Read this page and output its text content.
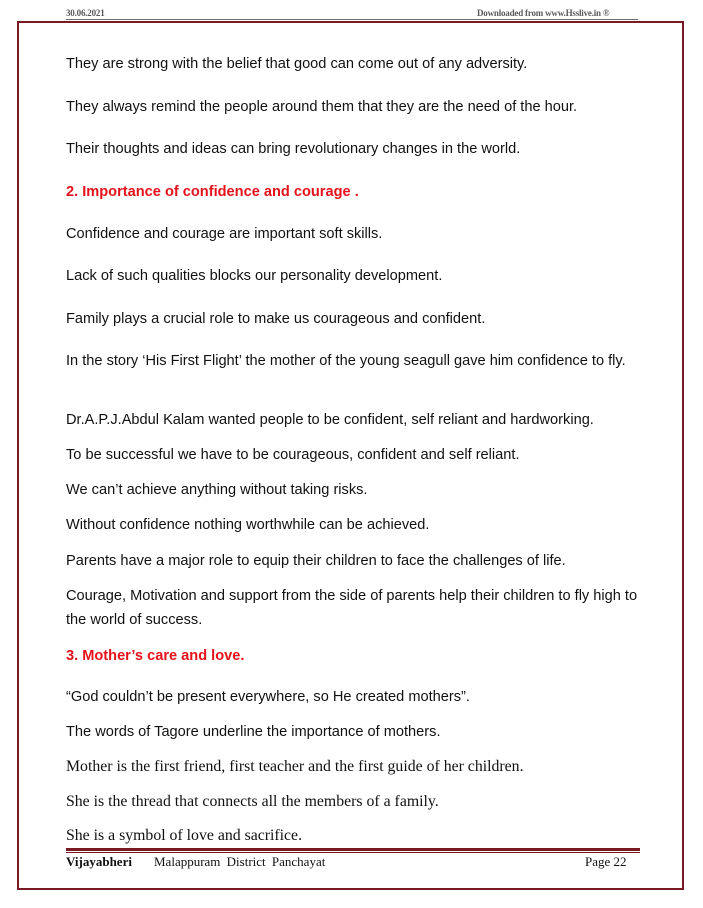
30.06.2021	Downloaded from www.Hsslive.in ®
They are strong with the belief that good can come out of any adversity.
They always remind the people around them that they are the need of the hour.
Their thoughts and ideas can bring revolutionary changes in the world.
2. Importance of confidence and courage .
Confidence and courage are important soft skills.
Lack of such qualities blocks our personality development.
Family plays a crucial role to make us courageous and confident.
In the story ‘His First Flight’ the mother of the young seagull gave him confidence to fly.
Dr.A.P.J.Abdul Kalam wanted people to be confident, self reliant and hardworking.
To be successful we have to be courageous, confident and self reliant.
We can’t achieve anything without taking risks.
Without confidence nothing worthwhile can be achieved.
Parents have a major role to equip their children to face the challenges of life.
Courage, Motivation and support from the side of parents help their children to fly high to the world of success.
3. Mother’s care and love.
“God couldn’t be present everywhere, so He created mothers”.
The words of Tagore underline the importance of mothers.
Mother is the first friend, first teacher and the first guide of her children.
She is the thread that connects all the members of a family.
She is a symbol of love and sacrifice.
Vijayabheri Malappuram District Panchayat	Page 22
